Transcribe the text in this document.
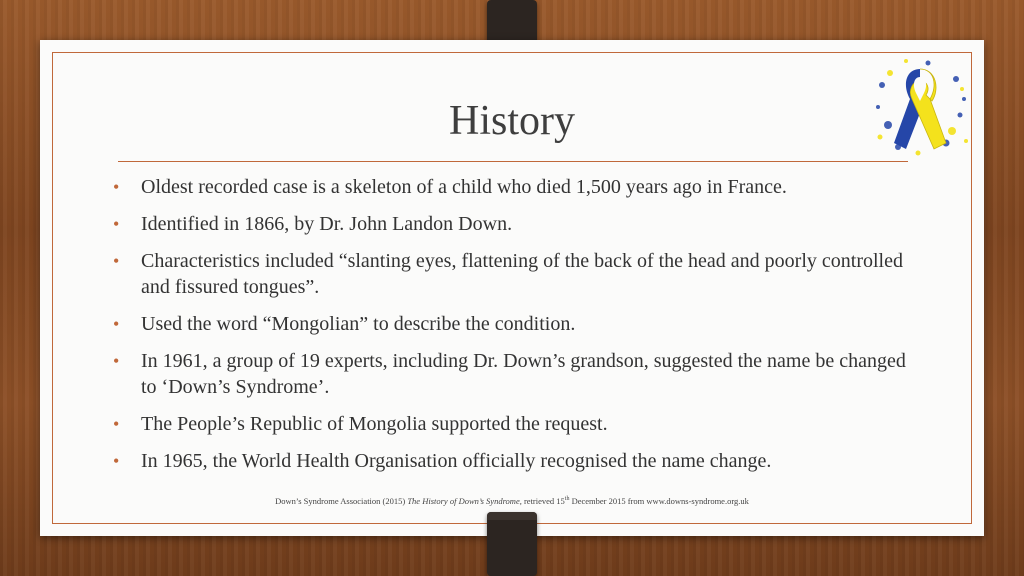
History
• Oldest recorded case is a skeleton of a child who died 1,500 years ago in France.
• Identified in 1866, by Dr. John Landon Down.
• Characteristics included “slanting eyes, flattening of the back of the head and poorly controlled and fissured tongues”.
• Used the word “Mongolian” to describe the condition.
• In 1961, a group of 19 experts, including Dr. Down’s grandson, suggested the name be changed to ‘Down’s Syndrome’.
• The People’s Republic of Mongolia supported the request.
• In 1965, the World Health Organisation officially recognised the name change.
Down’s Syndrome Association (2015) The History of Down’s Syndrome, retrieved 15th December 2015 from www.downs-syndrome.org.uk
